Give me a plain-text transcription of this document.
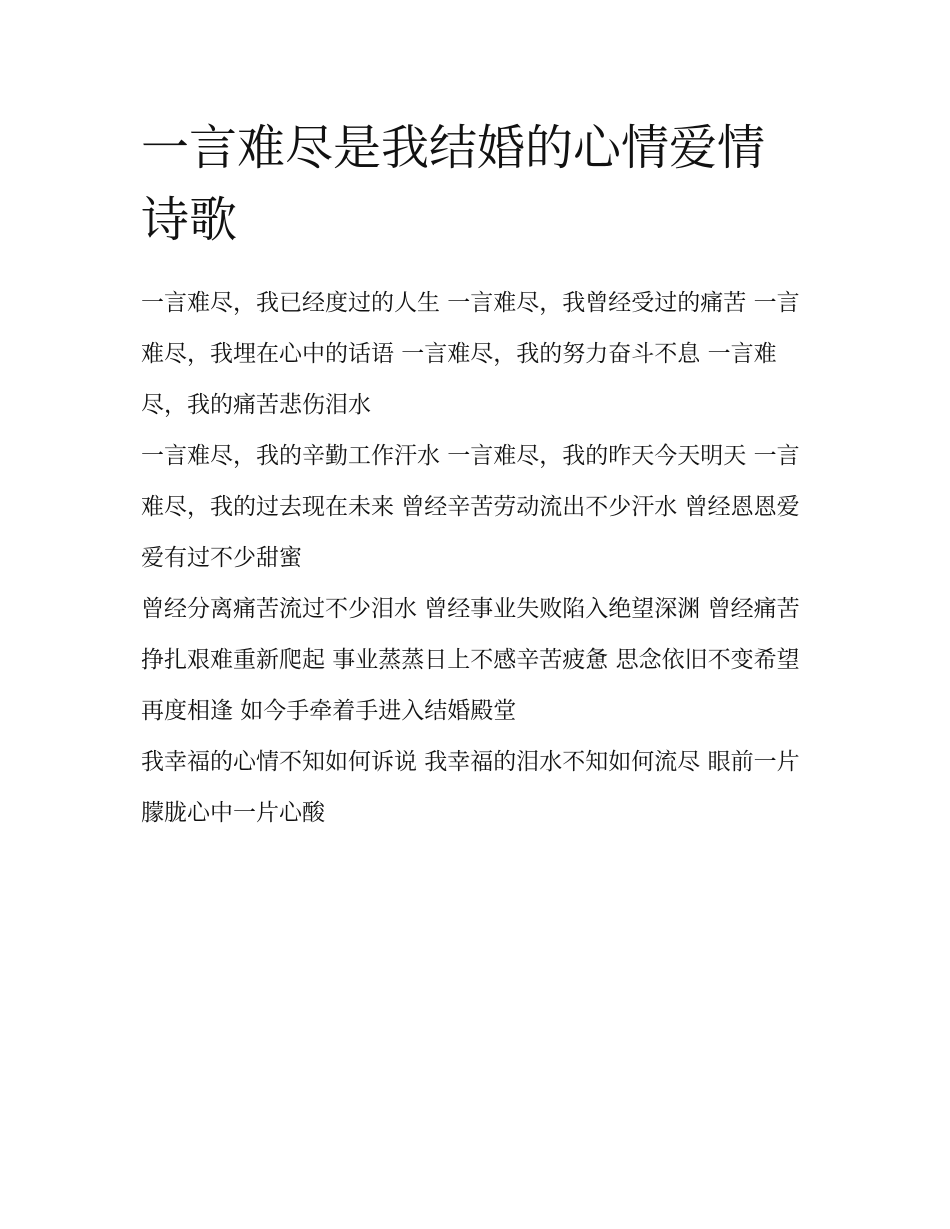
一言难尽是我结婚的心情爱情诗歌

一言难尽，我已经度过的人生 一言难尽，我曾经受过的痛苦 一言难尽，我埋在心中的话语 一言难尽，我的努力奋斗不息 一言难尽，我的痛苦悲伤泪水

一言难尽，我的辛勤工作汗水 一言难尽，我的昨天今天明天 一言难尽，我的过去现在未来 曾经辛苦劳动流出不少汗水 曾经恩恩爱爱有过不少甜蜜

曾经分离痛苦流过不少泪水 曾经事业失败陷入绝望深渊 曾经痛苦挣扎艰难重新爬起 事业蒸蒸日上不感辛苦疲惫 思念依旧不变希望再度相逢 如今手牵着手进入结婚殿堂

我幸福的心情不知如何诉说 我幸福的泪水不知如何流尽 眼前一片朦胧心中一片心酸
